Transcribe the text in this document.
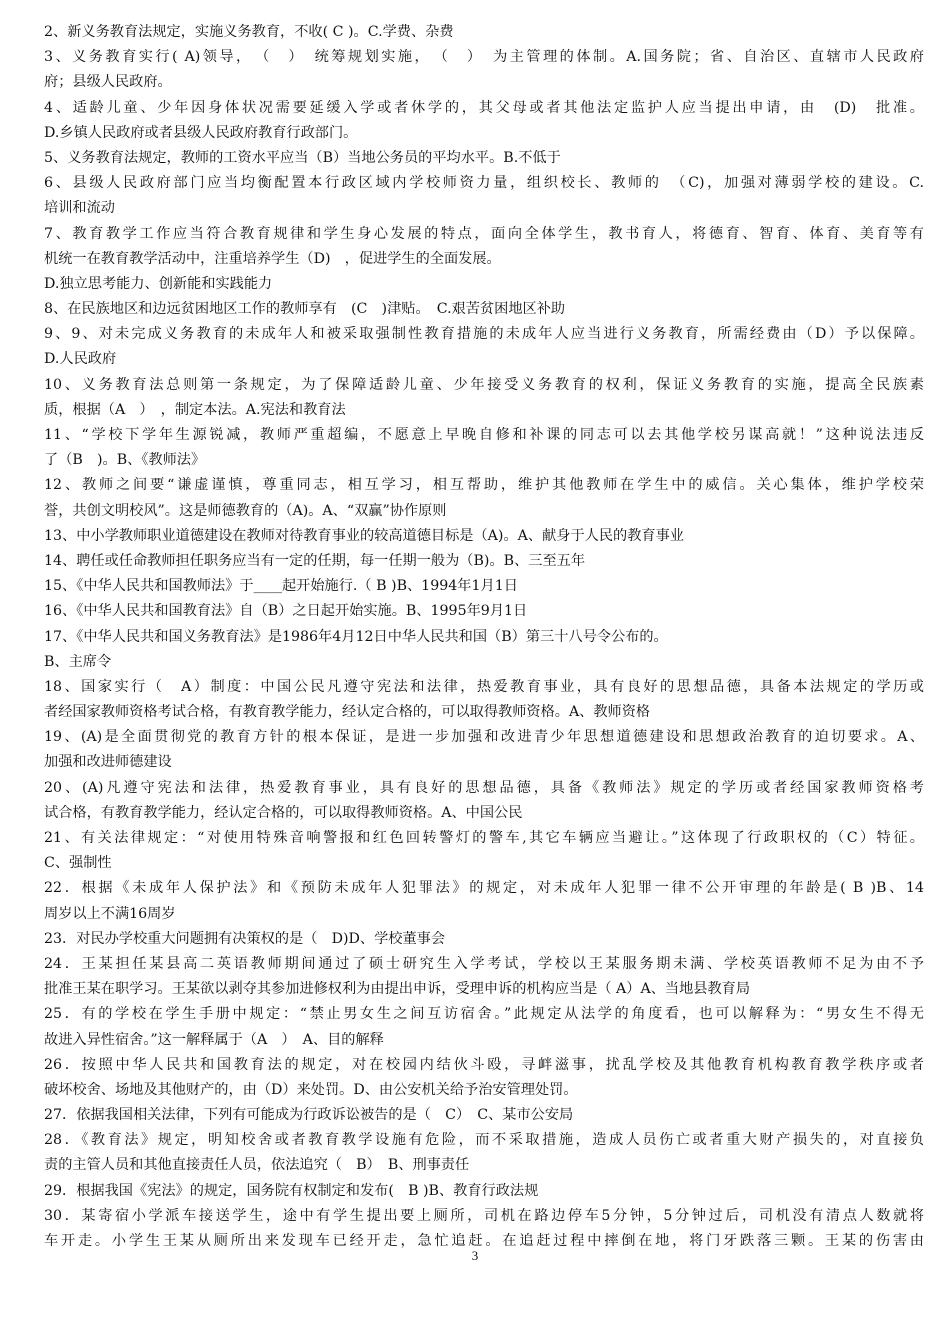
2、新义务教育法规定，实施义务教育，不收( C )。C.学费、杂费
3、义务教育实行( A)领导，　（　）　统筹规划实施，　（　）　为主管理的体制。A.国务院；省、自治区、直辖市人民政府
府；县级人民政府。
4、适龄儿童、少年因身体状况需要延缓入学或者休学的，其父母或者其他法定监护人应当提出申请，由　(D)　批准。
D.乡镇人民政府或者县级人民政府教育行政部门。
5、义务教育法规定，教师的工资水平应当（B）当地公务员的平均水平。B.不低于
6、县级人民政府部门应当均衡配置本行政区域内学校师资力量，组织校长、教师的　（C)，加强对薄弱学校的建设。C.
培训和流动
7、教育教学工作应当符合教育规律和学生身心发展的特点，面向全体学生，教书育人，将德育、智育、体育、美育等有
机统一在教育教学活动中，注重培养学生（D)　，促进学生的全面发展。
D.独立思考能力、创新能和实践能力
8、在民族地区和边远贫困地区工作的教师享有　(C　)津贴。　C.艰苦贫困地区补助
9、9、对未完成义务教育的未成年人和被采取强制性教育措施的未成年人应当进行义务教育，所需经费由（D）予以保障。
D.人民政府
10、义务教育法总则第一条规定，为了保障适龄儿童、少年接受义务教育的权利，保证义务教育的实施，提高全民族素
质，根据（A　）　，制定本法。A.宪法和教育法
11、“学校下学年生源锐减，教师严重超编，不愿意上早晚自修和补课的同志可以去其他学校另谋高就！”这种说法违反
了（B　)。B、《教师法》
12、教师之间要“谦虚谨慎，尊重同志，相互学习，相互帮助，维护其他教师在学生中的威信。关心集体，维护学校荣
誉，共创文明校风”。这是师德教育的（A)。A、“双赢”协作原则
13、中小学教师职业道德建设在教师对待教育事业的较高道德目标是（A)。A、献身于人民的教育事业
14、聘任或任命教师担任职务应当有一定的任期，每一任期一般为（B)。B、三至五年
15、《中华人民共和国教师法》于____起开始施行.（ B )B、1994年1月1日
16、《中华人民共和国教育法》自（B）之日起开始实施。B、1995年9月1日
17、《中华人民共和国义务教育法》是1986年4月12日中华人民共和国（B）第三十八号令公布的。
B、主席令
18、国家实行（　A）制度：中国公民凡遵守宪法和法律，热爱教育事业，具有良好的思想品德，具备本法规定的学历或
者经国家教师资格考试合格，有教育教学能力，经认定合格的，可以取得教师资格。A、教师资格
19、(A)是全面贯彻党的教育方针的根本保证，是进一步加强和改进青少年思想道德建设和思想政治教育的迫切要求。A、
加强和改进师德建设
20、(A)凡遵守宪法和法律，热爱教育事业，具有良好的思想品德，具备《教师法》规定的学历或者经国家教师资格考
试合格，有教育教学能力，经认定合格的，可以取得教师资格。A、中国公民
21、有关法律规定：“对使用特殊音响警报和红色回转警灯的警车,其它车辆应当避让。”这体现了行政职权的（C）特征。
C、强制性
22．根据《未成年人保护法》和《预防未成年人犯罪法》的规定，对未成年人犯罪一律不公开审理的年龄是( B )B、14
周岁以上不满16周岁
23．对民办学校重大问题拥有决策权的是（　D)D、学校董事会
24．王某担任某县高二英语教师期间通过了硕士研究生入学考试，学校以王某服务期未满、学校英语教师不足为由不予
批准王某在职学习。王某欲以剥夺其参加进修权利为由提出申诉，受理申诉的机构应当是（ A）A、当地县教育局
25．有的学校在学生手册中规定：“禁止男女生之间互访宿舍。”此规定从法学的角度看，也可以解释为：“男女生不得无
故进入异性宿舍。”这一解释属于（A　）　A、目的解释
26．按照中华人民共和国教育法的规定，对在校园内结伙斗殴，寻衅滋事，扰乱学校及其他教育机构教育教学秩序或者
破坏校舍、场地及其他财产的，由（D）来处罚。D、由公安机关给予治安管理处罚。
27．依据我国相关法律，下列有可能成为行政诉讼被告的是（　C）　C、某市公安局
28．《教育法》规定，明知校舍或者教育教学设施有危险，而不采取措施，造成人员伤亡或者重大财产损失的，对直接负
责的主管人员和其他直接责任人员，依法追究（　B）　B、刑事责任
29．根据我国《宪法》的规定，国务院有权制定和发布(　B )B、教育行政法规
30．某寄宿小学派车接送学生，途中有学生提出要上厕所，司机在路边停车5分钟，5分钟过后，司机没有清点人数就将
车开走。小学生王某从厕所出来发现车已经开走，急忙追赶。在追赶过程中摔倒在地，将门牙跌落三颗。王某的伤害由
3
